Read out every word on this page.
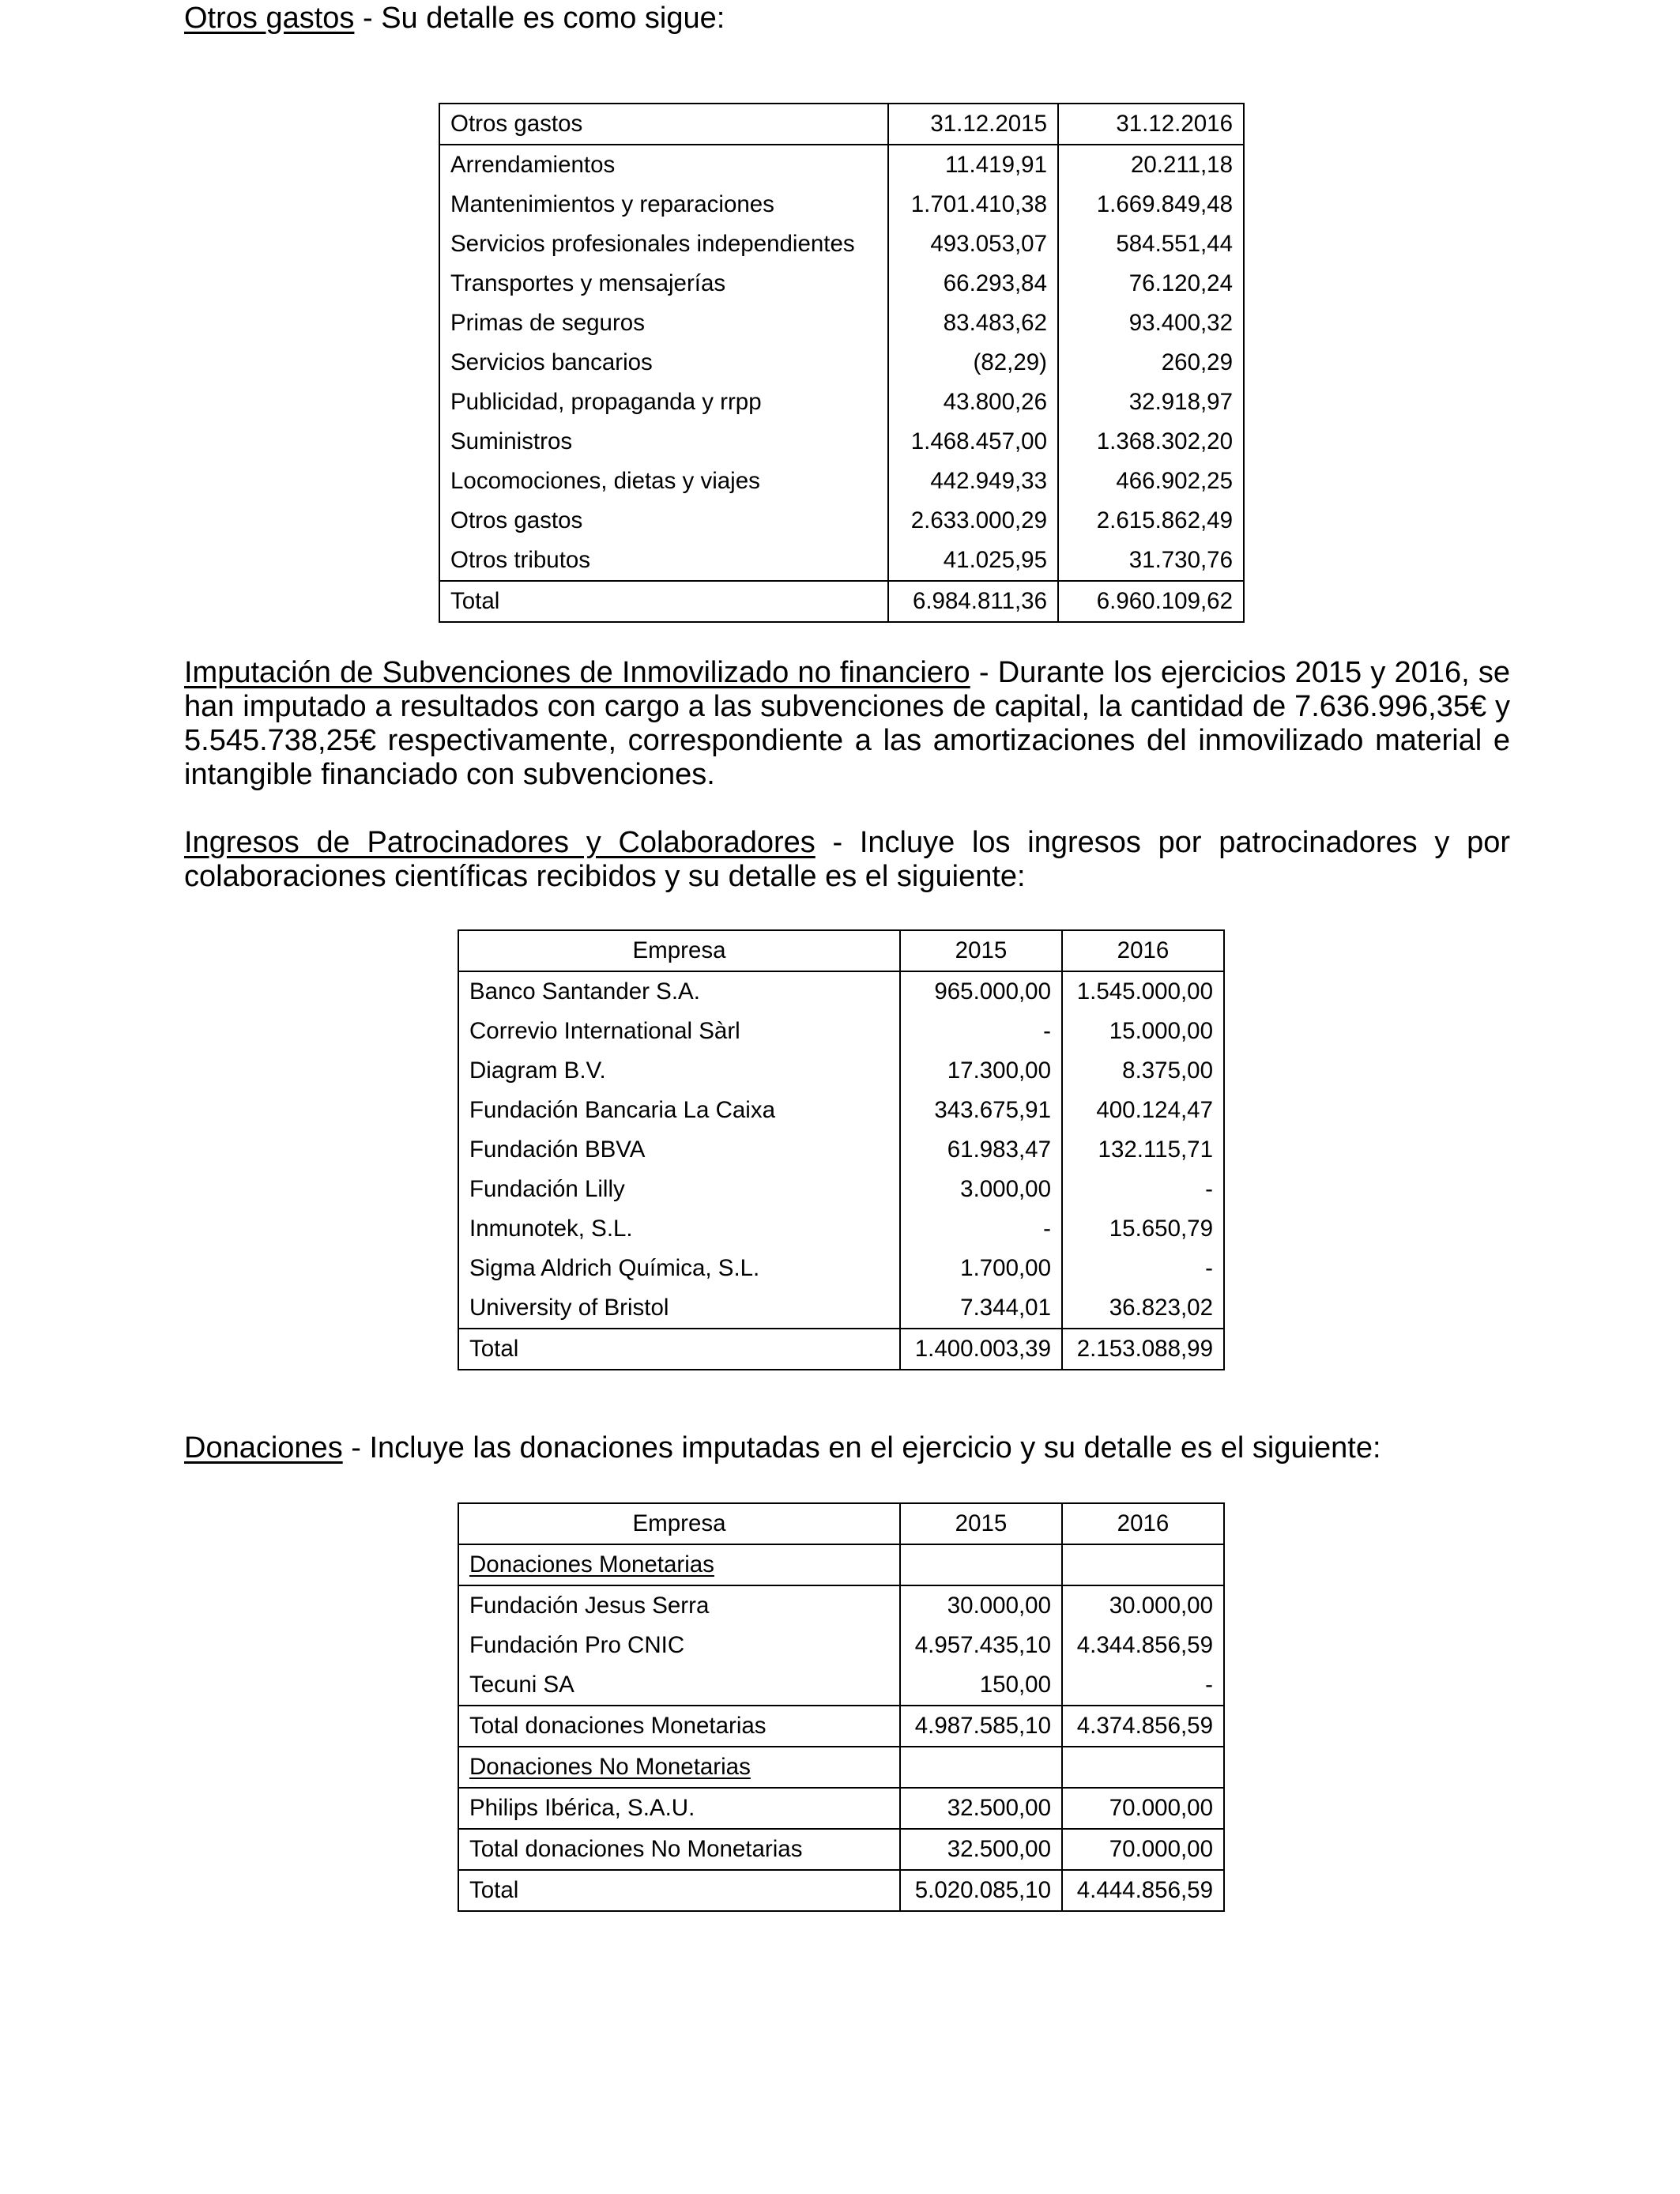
Otros gastos - Su detalle es como sigue:
Otros gastos	31.12.2015	31.12.2016
Arrendamientos	11.419,91	20.211,18
Mantenimientos y reparaciones	1.701.410,38	1.669.849,48
Servicios profesionales independientes	493.053,07	584.551,44
Transportes y mensajerías	66.293,84	76.120,24
Primas de seguros	83.483,62	93.400,32
Servicios bancarios	(82,29)	260,29
Publicidad, propaganda y rrpp	43.800,26	32.918,97
Suministros	1.468.457,00	1.368.302,20
Locomociones, dietas y viajes	442.949,33	466.902,25
Otros gastos	2.633.000,29	2.615.862,49
Otros tributos	41.025,95	31.730,76
Total	6.984.811,36	6.960.109,62
Imputación de Subvenciones de Inmovilizado no financiero - Durante los ejercicios 2015 y 2016, se han imputado a resultados con cargo a las subvenciones de capital, la cantidad de 7.636.996,35€ y 5.545.738,25€ respectivamente, correspondiente a las amortizaciones del inmovilizado material e intangible financiado con subvenciones.
Ingresos de Patrocinadores y Colaboradores - Incluye los ingresos por patrocinadores y por colaboraciones científicas recibidos y su detalle es el siguiente:
Empresa	2015	2016
Banco Santander S.A.	965.000,00	1.545.000,00
Correvio International Sàrl	-	15.000,00
Diagram B.V.	17.300,00	8.375,00
Fundación Bancaria La Caixa	343.675,91	400.124,47
Fundación BBVA	61.983,47	132.115,71
Fundación Lilly	3.000,00	-
Inmunotek, S.L.	-	15.650,79
Sigma Aldrich Química, S.L.	1.700,00	-
University of Bristol	7.344,01	36.823,02
Total	1.400.003,39	2.153.088,99
Donaciones - Incluye las donaciones imputadas en el ejercicio y su detalle es el siguiente:
Empresa	2015	2016
Donaciones Monetarias		
Fundación Jesus Serra	30.000,00	30.000,00
Fundación Pro CNIC	4.957.435,10	4.344.856,59
Tecuni SA	150,00	-
Total donaciones Monetarias	4.987.585,10	4.374.856,59
Donaciones No Monetarias		
Philips Ibérica, S.A.U.	32.500,00	70.000,00
Total donaciones No Monetarias	32.500,00	70.000,00
Total	5.020.085,10	4.444.856,59
